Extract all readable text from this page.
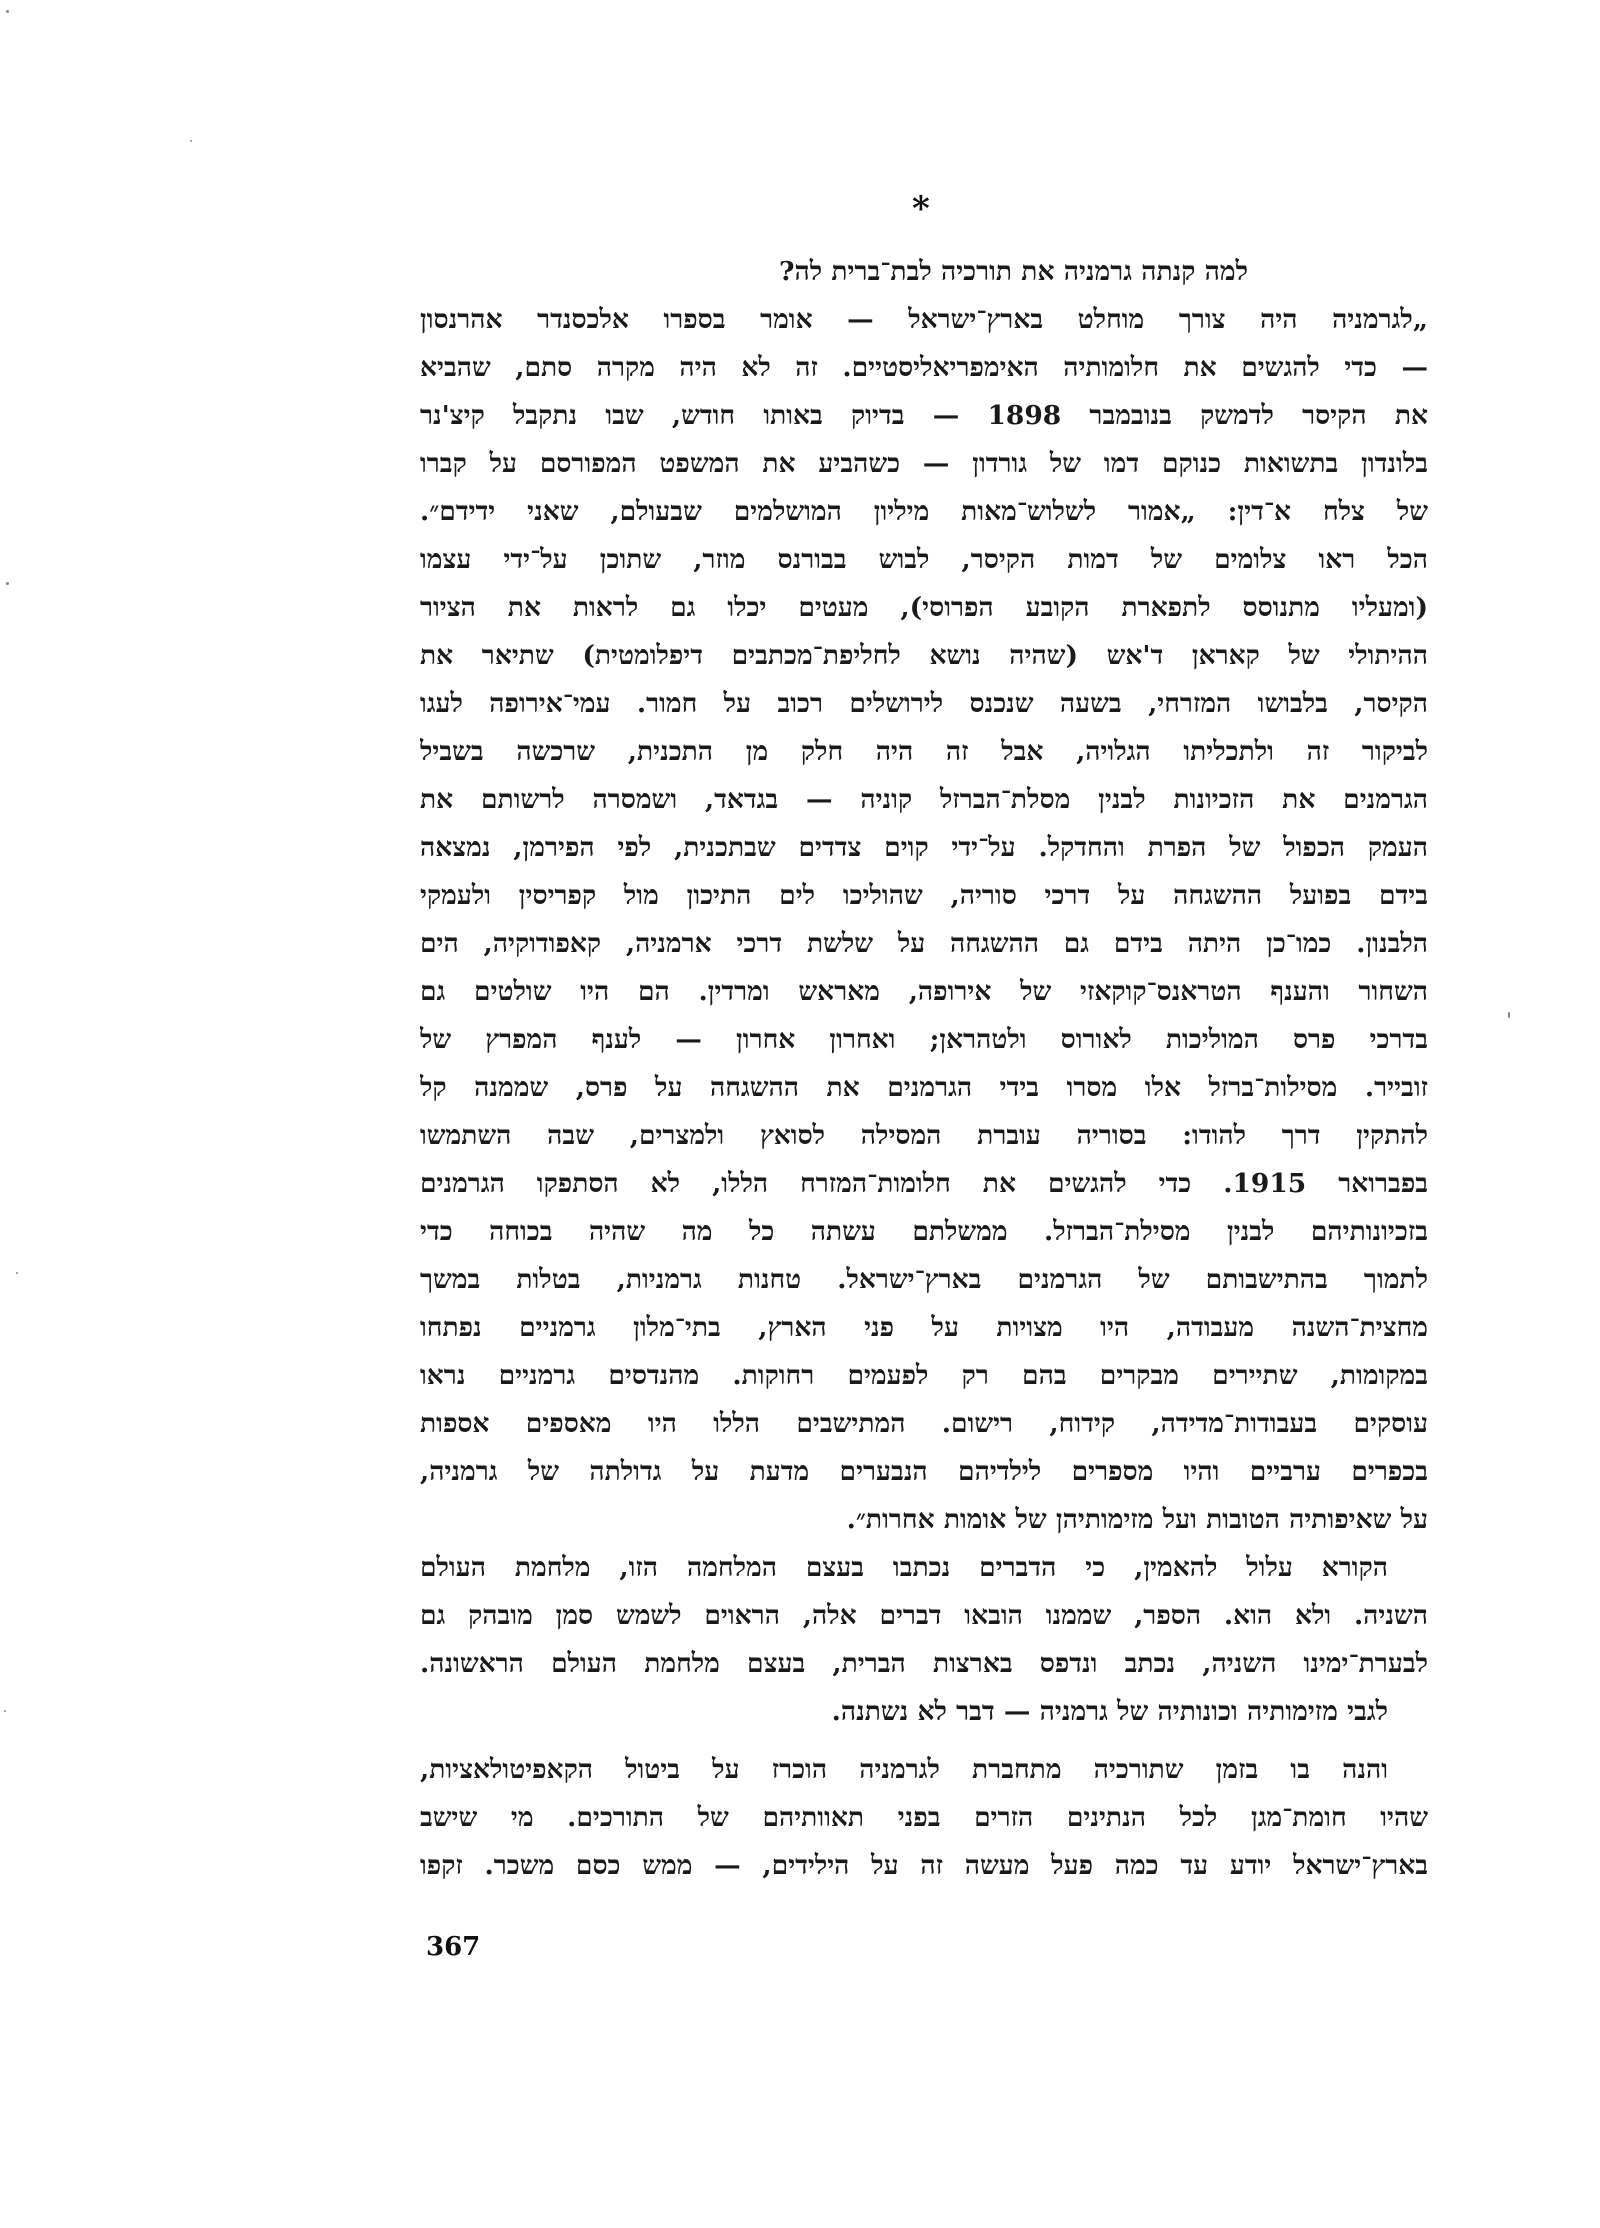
*
למה קנתה גרמניה את תורכיה לבת־ברית לה?
„לגרמניה היה צורך מוחלט בארץ־ישראל — אומר בספרו אלכסנדר אהרנסון
— כדי להגשים את חלומותיה האימפריאליסטיים. זה לא היה מקרה סתם, שהביא
את הקיסר לדמשק בנובמבר 1898 — בדיוק באותו חודש, שבו נתקבל קיצ'נר
בלונדון בתשואות כנוקם דמו של גורדון — כשהביע את המשפט המפורסם על קברו
של צלח א־דין: „אמור לשלוש־מאות מיליון המושלמים שבעולם, שאני ידידם״.
הכל ראו צלומים של דמות הקיסר, לבוש בבורנס מוזר, שתוכן על־ידי עצמו
(ומעליו מתנוסס לתפארת הקובע הפרוסי), מעטים יכלו גם לראות את הציור
ההיתולי של קאראן ד'אש (שהיה נושא לחליפת־מכתבים דיפלומטית) שתיאר את
הקיסר, בלבושו המזרחי, בשעה שנכנס לירושלים רכוב על חמור. עמי־אירופה לעגו
לביקור זה ולתכליתו הגלויה, אבל זה היה חלק מן התכנית, שרכשה בשביל
הגרמנים את הזכיונות לבנין מסלת־הברזל קוניה — בגדאד, ושמסרה לרשותם את
העמק הכפול של הפרת והחדקל. על־ידי קוים צדדים שבתכנית, לפי הפירמן, נמצאה
בידם בפועל ההשגחה על דרכי סוריה, שהוליכו לים התיכון מול קפריסין ולעמקי
הלבנון. כמו־כן היתה בידם גם ההשגחה על שלשת דרכי ארמניה, קאפודוקיה, הים
השחור והענף הטראנס־קוקאזי של אירופה, מאראש ומרדין. הם היו שולטים גם
בדרכי פרס המוליכות לאורוס ולטהראן; ואחרון אחרון — לענף המפרץ של
זובייר. מסילות־ברזל אלו מסרו בידי הגרמנים את ההשגחה על פרס, שממנה קל
להתקין דרך להודו: בסוריה עוברת המסילה לסואץ ולמצרים, שבה השתמשו
בפברואר 1915. כדי להגשים את חלומות־המזרח הללו, לא הסתפקו הגרמנים
בזכיונותיהם לבנין מסילת־הברזל. ממשלתם עשתה כל מה שהיה בכוחה כדי
לתמוך בהתישבותם של הגרמנים בארץ־ישראל. טחנות גרמניות, בטלות במשך
מחצית־השנה מעבודה, היו מצויות על פני הארץ, בתי־מלון גרמניים נפתחו
במקומות, שתיירים מבקרים בהם רק לפעמים רחוקות. מהנדסים גרמניים נראו
עוסקים בעבודות־מדידה, קידוח, רישום. המתישבים הללו היו מאספים אספות
בכפרים ערביים והיו מספרים לילדיהם הנבערים מדעת על גדולתה של גרמניה,
על שאיפותיה הטובות ועל מזימותיהן של אומות אחרות״.
הקורא עלול להאמין, כי הדברים נכתבו בעצם המלחמה הזו, מלחמת העולם
השניה. ולא הוא. הספר, שממנו הובאו דברים אלה, הראוים לשמש סמן מובהק גם
לבערת־ימינו השניה, נכתב ונדפס בארצות הברית, בעצם מלחמת העולם הראשונה.
לגבי מזימותיה וכונותיה של גרמניה — דבר לא נשתנה.
והנה בו בזמן שתורכיה מתחברת לגרמניה הוכרז על ביטול הקאפיטולאציות,
שהיו חומת־מגן לכל הנתינים הזרים בפני תאוותיהם של התורכים. מי שישב
בארץ־ישראל יודע עד כמה פעל מעשה זה על הילידים, — ממש כסם משכר. זקפו
367
